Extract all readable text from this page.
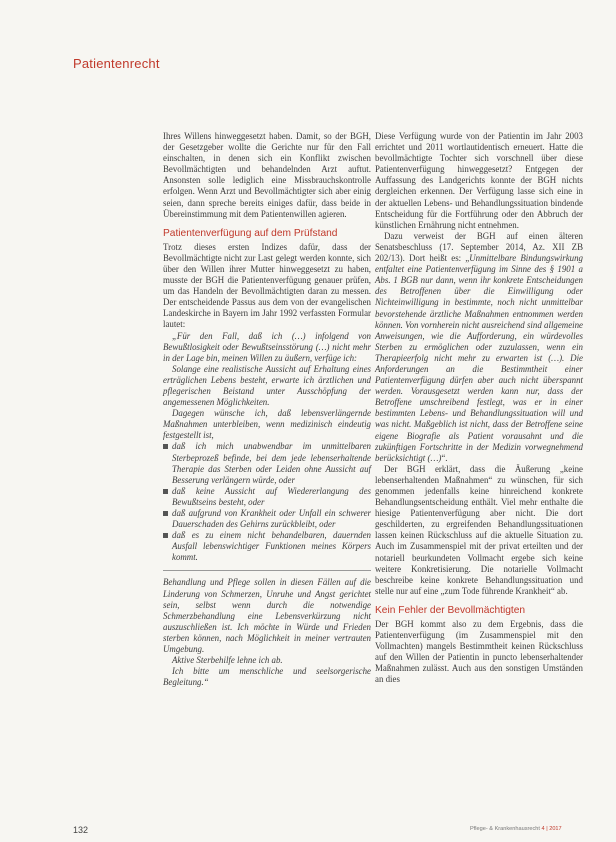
Patientenrecht

Ihres Willens hinweggesetzt haben. Damit, so der BGH, der Gesetzgeber wollte die Gerichte nur für den Fall einschalten, in denen sich ein Konflikt zwischen Bevollmächtigten und behandelnden Arzt auftut. Ansonsten solle lediglich eine Missbrauchskontrolle erfolgen. Wenn Arzt und Bevollmächtigter sich aber einig seien, dann spreche bereits einiges dafür, dass beide in Übereinstimmung mit dem Patientenwillen agieren.

Patientenverfügung auf dem Prüfstand

Trotz dieses ersten Indizes dafür, dass der Bevollmächtigte nicht zur Last gelegt werden konnte, sich über den Willen ihrer Mutter hinweggesetzt zu haben, musste der BGH die Patientenverfügung genauer prüfen, um das Handeln der Bevollmächtigten daran zu messen. Der entscheidende Passus aus dem von der evangelischen Landeskirche in Bayern im Jahr 1992 verfassten Formular lautet:

„Für den Fall, daß ich (…) infolgend von Bewußtlosigkeit oder Bewußtseinsstörung (…) nicht mehr in der Lage bin, meinen Willen zu äußern, verfüge ich:

Solange eine realistische Aussicht auf Erhaltung eines erträglichen Lebens besteht, erwarte ich ärztlichen und pflegerischen Beistand unter Ausschöpfung der angemessenen Möglichkeiten.

Dagegen wünsche ich, daß lebensverlängernde Maßnahmen unterbleiben, wenn medizinisch eindeutig festgestellt ist,

daß ich mich unabwendbar im unmittelbaren Sterbeprozeß befinde, bei dem jede lebenserhaltende Therapie das Sterben oder Leiden ohne Aussicht auf Besserung verlängern würde, oder
daß keine Aussicht auf Wiedererlangung des Bewußtseins besteht, oder
daß aufgrund von Krankheit oder Unfall ein schwerer Dauerschaden des Gehirns zurückbleibt, oder
daß es zu einem nicht behandelbaren, dauernden Ausfall lebenswichtiger Funktionen meines Körpers kommt.

Behandlung und Pflege sollen in diesen Fällen auf die Linderung von Schmerzen, Unruhe und Angst gerichtet sein, selbst wenn durch die notwendige Schmerzbehandlung eine Lebensverkürzung nicht auszuschließen ist. Ich möchte in Würde und Frieden sterben können, nach Möglichkeit in meiner vertrauten Umgebung.

Aktive Sterbehilfe lehne ich ab.

Ich bitte um menschliche und seelsorgerische Begleitung.“

Diese Verfügung wurde von der Patientin im Jahr 2003 errichtet und 2011 wortlautidentisch erneuert. Hatte die bevollmächtigte Tochter sich vorschnell über diese Patientenverfügung hinweggesetzt? Entgegen der Auffassung des Landgerichts konnte der BGH nichts dergleichen erkennen. Der Verfügung lasse sich eine in der aktuellen Lebens- und Behandlungssituation bindende Entscheidung für die Fortführung oder den Abbruch der künstlichen Ernährung nicht entnehmen.

Dazu verweist der BGH auf einen älteren Senatsbeschluss (17. September 2014, Az. XII ZB 202/13). Dort heißt es: „Unmittelbare Bindungswirkung entfaltet eine Patientenverfügung im Sinne des § 1901 a Abs. 1 BGB nur dann, wenn ihr konkrete Entscheidungen des Betroffenen über die Einwilligung oder Nichteinwilligung in bestimmte, noch nicht unmittelbar bevorstehende ärztliche Maßnahmen entnommen werden können. Von vornherein nicht ausreichend sind allgemeine Anweisungen, wie die Aufforderung, ein würdevolles Sterben zu ermöglichen oder zuzulassen, wenn ein Therapieerfolg nicht mehr zu erwarten ist (…). Die Anforderungen an die Bestimmtheit einer Patientenverfügung dürfen aber auch nicht überspannt werden. Vorausgesetzt werden kann nur, dass der Betroffene umschreibend festlegt, was er in einer bestimmten Lebens- und Behandlungssituation will und was nicht. Maßgeblich ist nicht, dass der Betroffene seine eigene Biografie als Patient vorausahnt und die zukünftigen Fortschritte in der Medizin vorwegnehmend berücksichtigt (…)“.

Der BGH erklärt, dass die Äußerung „keine lebenserhaltenden Maßnahmen“ zu wünschen, für sich genommen jedenfalls keine hinreichend konkrete Behandlungsentscheidung enthält. Viel mehr enthalte die hiesige Patientenverfügung aber nicht. Die dort geschilderten, zu ergreifenden Behandlungssituationen lassen keinen Rückschluss auf die aktuelle Situation zu. Auch im Zusammenspiel mit der privat erteilten und der notariell beurkundeten Vollmacht ergebe sich keine weitere Konkretisierung. Die notarielle Vollmacht beschreibe keine konkrete Behandlungssituation und stelle nur auf eine „zum Tode führende Krankheit“ ab.

Kein Fehler der Bevollmächtigten

Der BGH kommt also zu dem Ergebnis, dass die Patientenverfügung (im Zusammenspiel mit den Vollmachten) mangels Bestimmtheit keinen Rückschluss auf den Willen der Patientin in puncto lebenserhaltender Maßnahmen zulässt. Auch aus den sonstigen Umständen an dies

132	Pflege- & Krankenhausrecht 4 | 2017
